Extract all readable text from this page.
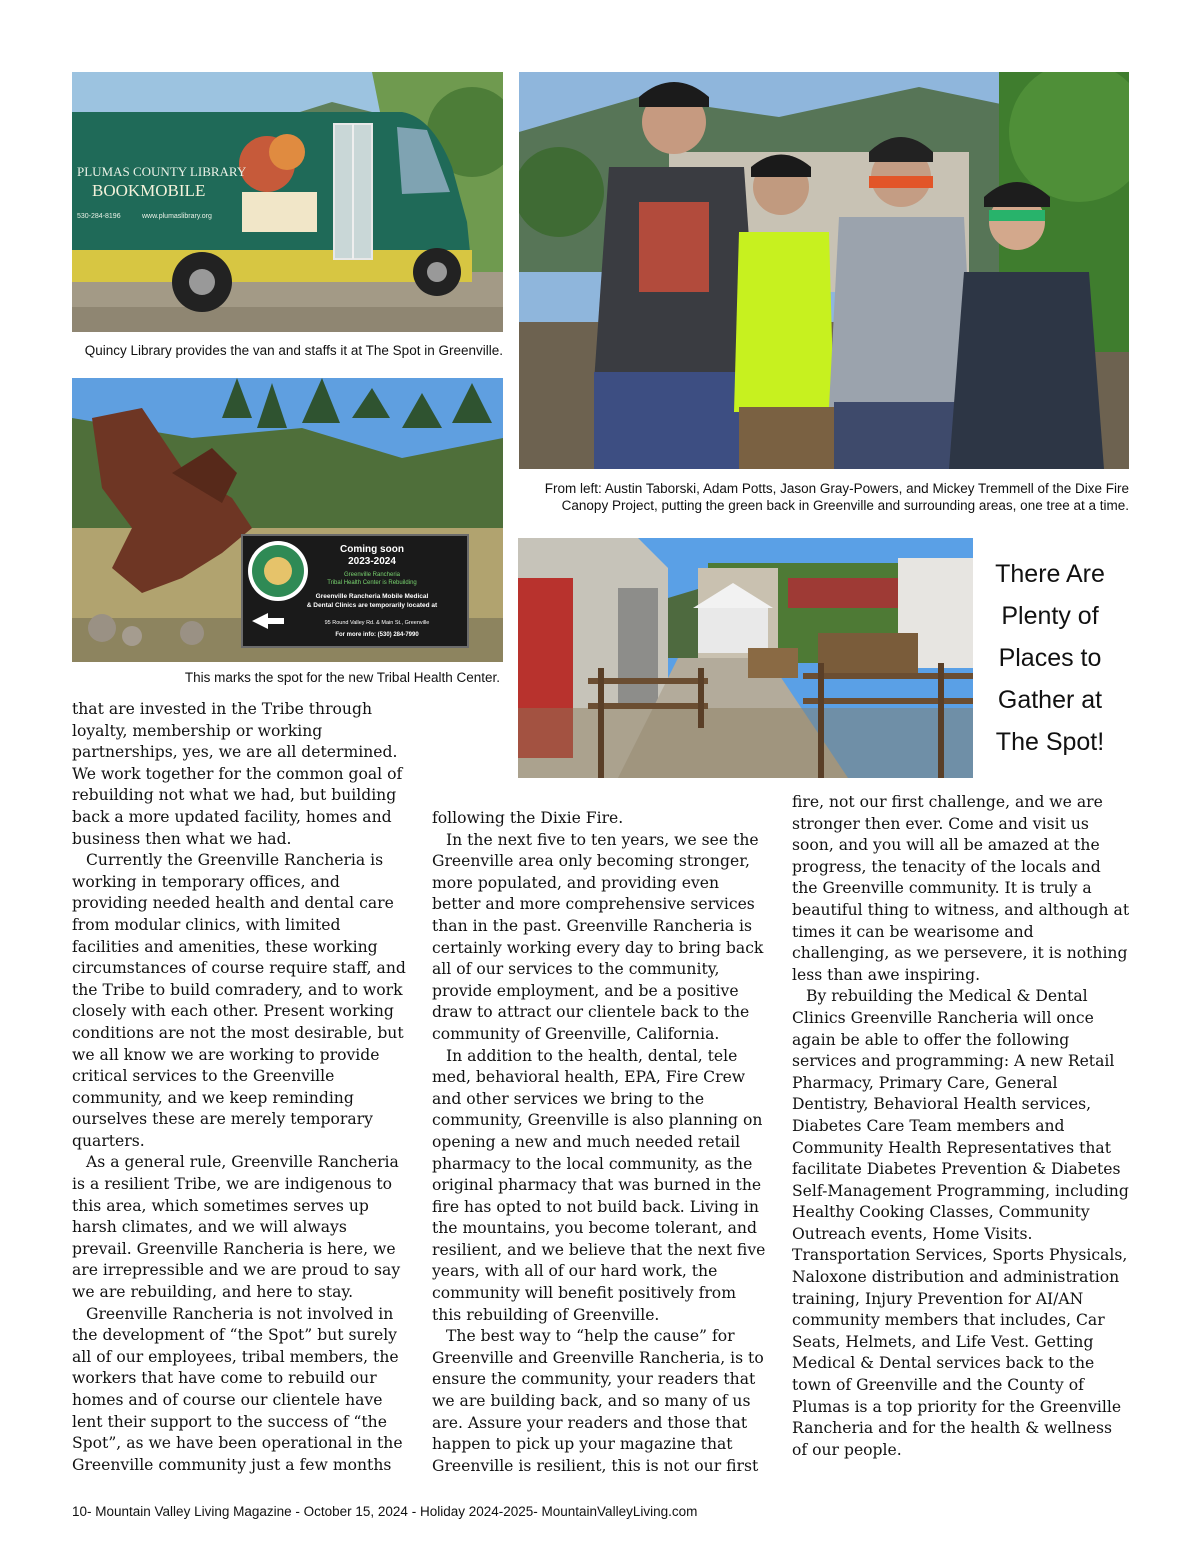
PLUMAS COUNTY LIBRARY
BOOKMOBILE
530-284-8196	www.plumaslibrary.org
Quincy Library provides the van and staffs it at The Spot in Greenville.
Coming soon
2023-2024
Greenville Rancheria
Tribal Health Center is Rebuilding
Greenville Rancheria Mobile Medical
& Dental Clinics are temporarily located at
95 Round Valley Rd. & Main St., Greenville
For more info: (530) 284-7990
This marks the spot for the new Tribal Health Center.
From left: Austin Taborski, Adam Potts, Jason Gray-Powers, and Mickey Tremmell of the Dixe Fire
Canopy Project, putting the green back in Greenville and surrounding areas, one tree at a time.
There Are
Plenty of
Places to
Gather at
The Spot!

that are invested in the Tribe through loyalty, membership or working partnerships, yes, we are all determined. We work together for the common goal of rebuilding not what we had, but building back a more updated facility, homes and business then what we had.

Currently the Greenville Rancheria is working in temporary offices, and providing needed health and dental care from modular clinics, with limited facilities and amenities, these working circumstances of course require staff, and the Tribe to build comradery, and to work closely with each other. Present working conditions are not the most desirable, but we all know we are working to provide critical services to the Greenville community, and we keep reminding ourselves these are merely temporary quarters.

As a general rule, Greenville Rancheria is a resilient Tribe, we are indigenous to this area, which sometimes serves up harsh climates, and we will always prevail. Greenville Rancheria is here, we are irrepressible and we are proud to say we are rebuilding, and here to stay.

Greenville Rancheria is not involved in the development of “the Spot” but surely all of our employees, tribal members, the workers that have come to rebuild our homes and of course our clientele have lent their support to the success of “the Spot”, as we have been operational in the Greenville community just a few months

following the Dixie Fire.

In the next five to ten years, we see the Greenville area only becoming stronger, more populated, and providing even better and more comprehensive services than in the past. Greenville Rancheria is certainly working every day to bring back all of our services to the community, provide employment, and be a positive draw to attract our clientele back to the community of Greenville, California.

In addition to the health, dental, tele med, behavioral health, EPA, Fire Crew and other services we bring to the community, Greenville is also planning on opening a new and much needed retail pharmacy to the local community, as the original pharmacy that was burned in the fire has opted to not build back. Living in the mountains, you become tolerant, and resilient, and we believe that the next five years, with all of our hard work, the community will benefit positively from this rebuilding of Greenville.

The best way to “help the cause” for Greenville and Greenville Rancheria, is to ensure the community, your readers that we are building back, and so many of us are. Assure your readers and those that happen to pick up your magazine that Greenville is resilient, this is not our first

fire, not our first challenge, and we are stronger then ever. Come and visit us soon, and you will all be amazed at the progress, the tenacity of the locals and the Greenville community. It is truly a beautiful thing to witness, and although at times it can be wearisome and challenging, as we persevere, it is nothing less than awe inspiring.

By rebuilding the Medical & Dental Clinics Greenville Rancheria will once again be able to offer the following services and programming: A new Retail Pharmacy, Primary Care, General Dentistry, Behavioral Health services, Diabetes Care Team members and Community Health Representatives that facilitate Diabetes Prevention & Diabetes Self-Management Programming, including Healthy Cooking Classes, Community Outreach events, Home Visits. Transportation Services, Sports Physicals, Naloxone distribution and administration training, Injury Prevention for AI/AN community members that includes, Car Seats, Helmets, and Life Vest. Getting Medical & Dental services back to the town of Greenville and the County of Plumas is a top priority for the Greenville Rancheria and for the health & wellness of our people.

10- Mountain Valley Living Magazine - October 15, 2024 - Holiday 2024-2025- MountainValleyLiving.com
